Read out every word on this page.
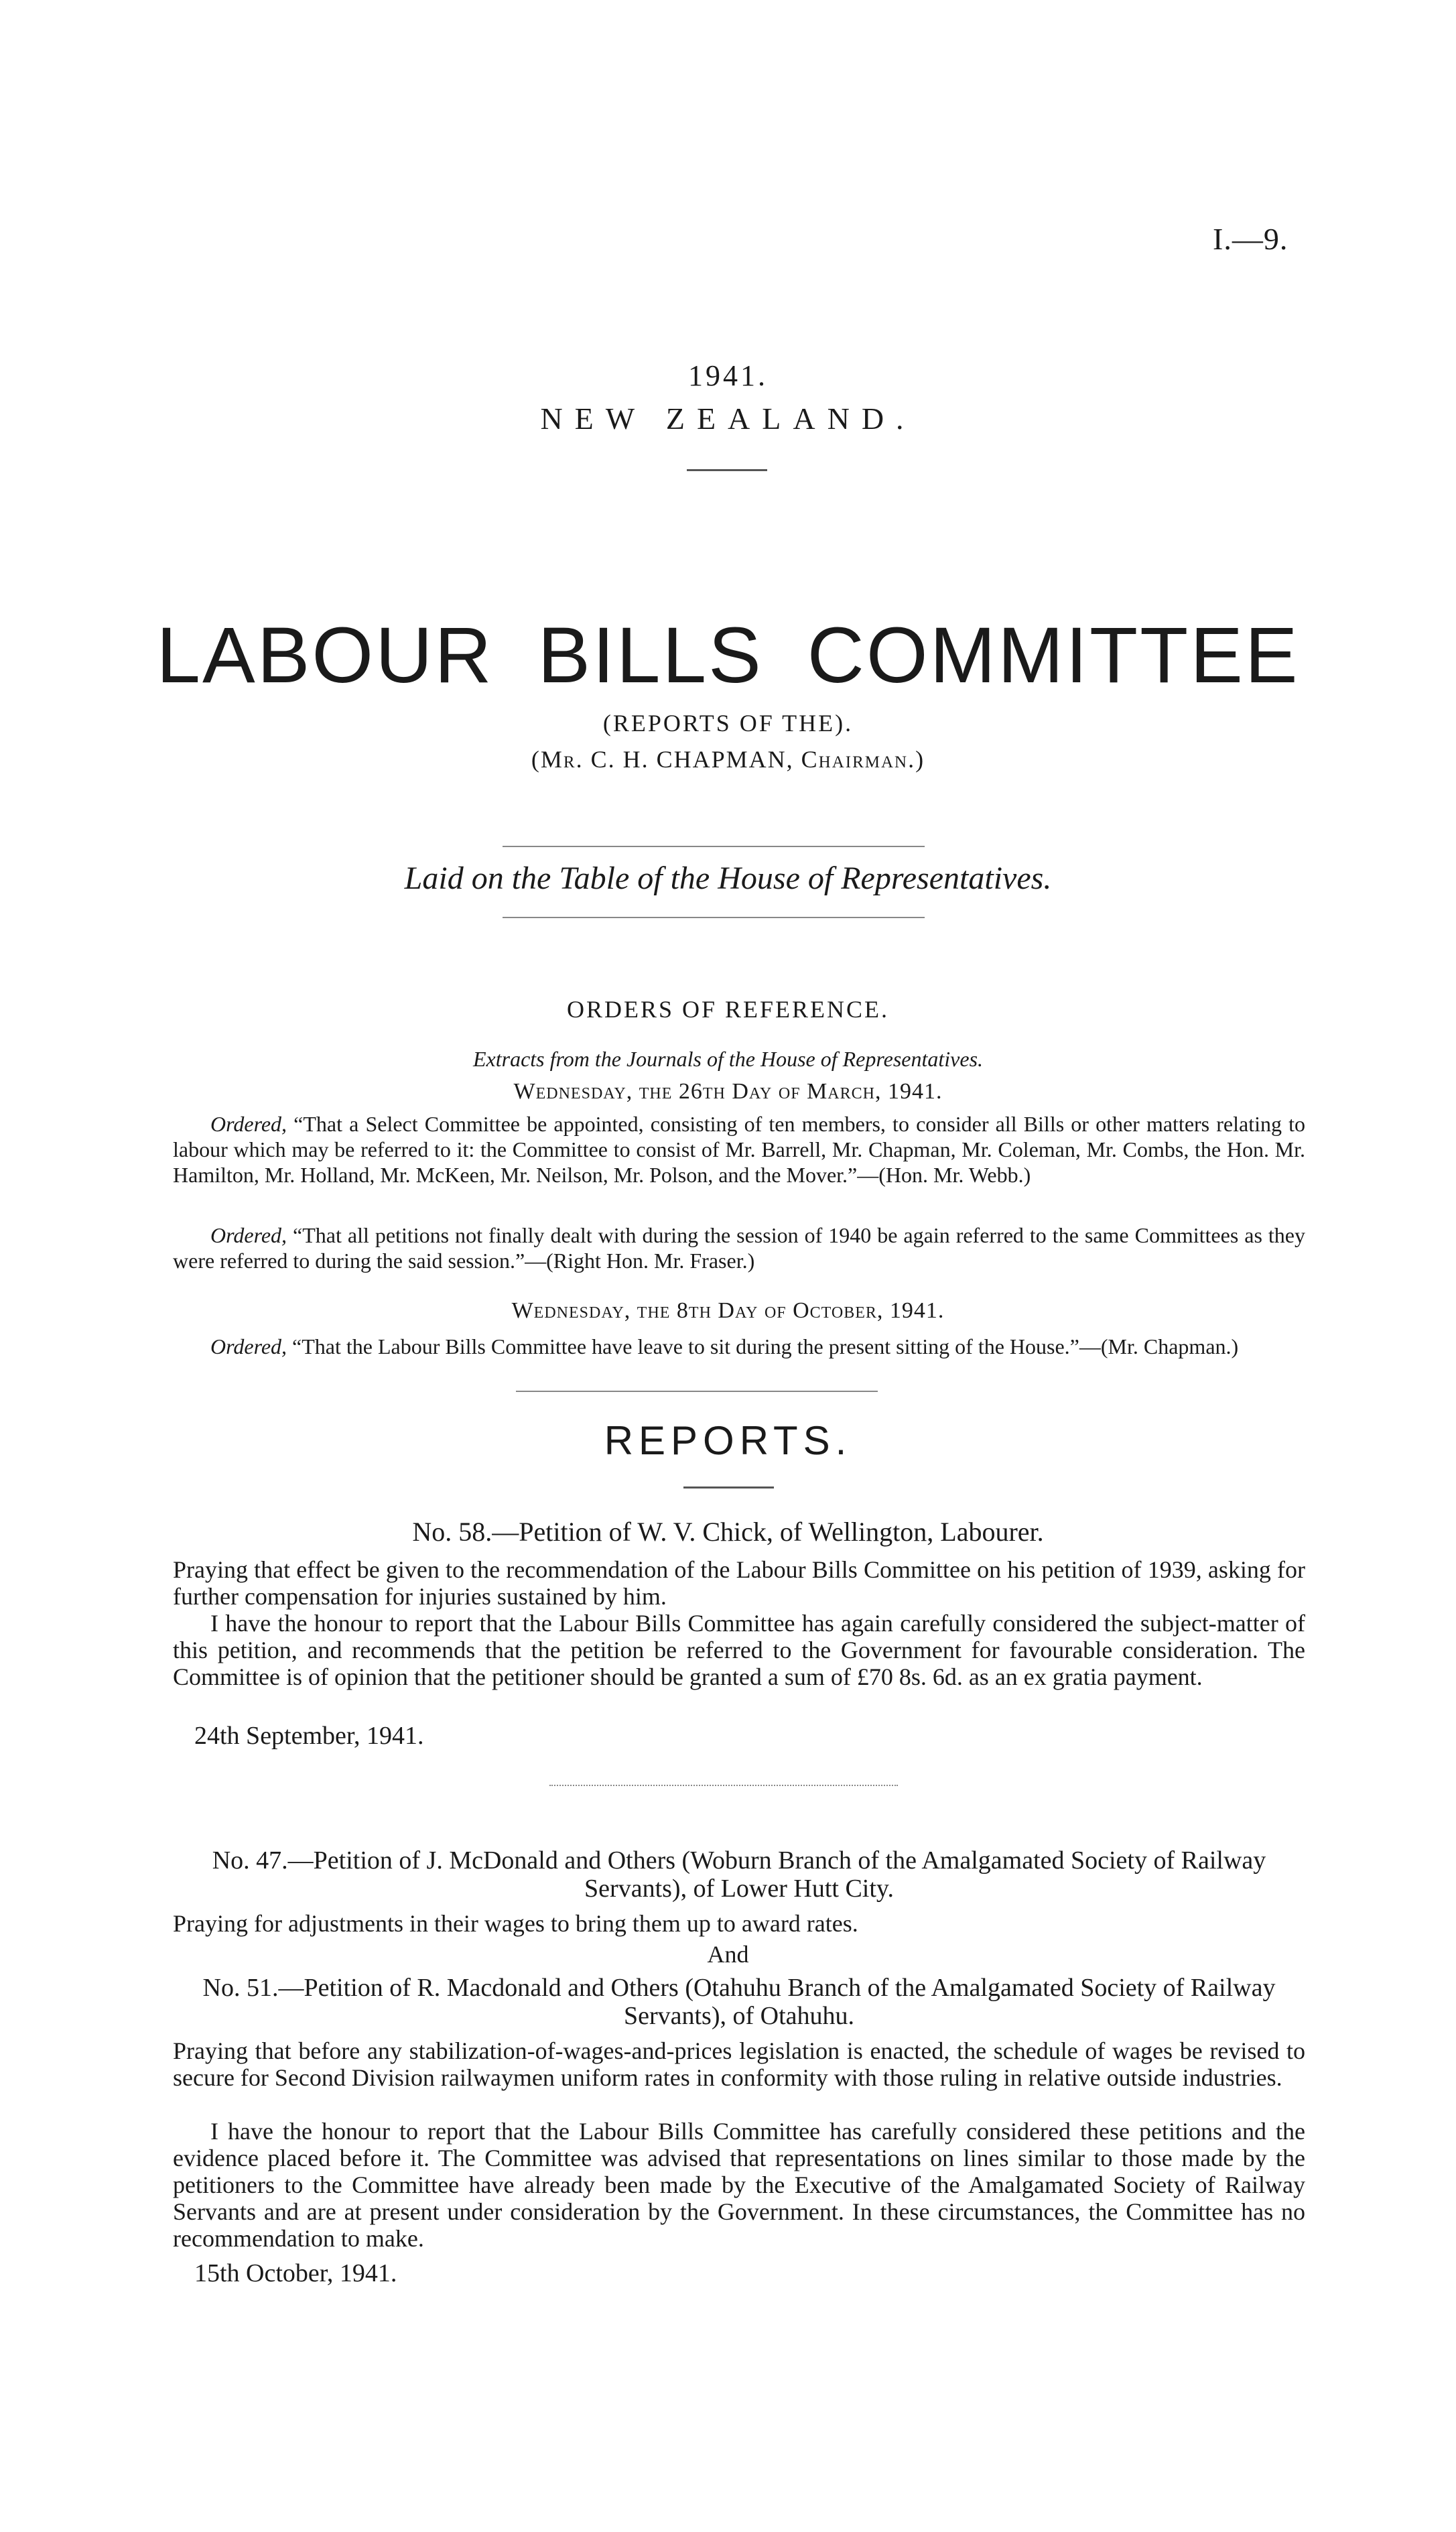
I.—9.
1941.
NEW ZEALAND.
LABOUR BILLS COMMITTEE
(REPORTS OF THE).
(Mr. C. H. CHAPMAN, Chairman.)
Laid on the Table of the House of Representatives.
ORDERS OF REFERENCE.
Extracts from the Journals of the House of Representatives.
Wednesday, the 26th Day of March, 1941.
Ordered, “That a Select Committee be appointed, consisting of ten members, to consider all Bills or other matters relating to labour which may be referred to it: the Committee to consist of Mr. Barrell, Mr. Chapman, Mr. Coleman, Mr. Combs, the Hon. Mr. Hamilton, Mr. Holland, Mr. McKeen, Mr. Neilson, Mr. Polson, and the Mover.”—(Hon. Mr. Webb.)
Ordered, “That all petitions not finally dealt with during the session of 1940 be again referred to the same Committees as they were referred to during the said session.”—(Right Hon. Mr. Fraser.)
Wednesday, the 8th Day of October, 1941.
Ordered, “That the Labour Bills Committee have leave to sit during the present sitting of the House.”—(Mr. Chapman.)
REPORTS.
No. 58.—Petition of W. V. Chick, of Wellington, Labourer.
Praying that effect be given to the recommendation of the Labour Bills Committee on his petition of 1939, asking for further compensation for injuries sustained by him.
I have the honour to report that the Labour Bills Committee has again carefully considered the subject-matter of this petition, and recommends that the petition be referred to the Government for favourable consideration. The Committee is of opinion that the petitioner should be granted a sum of £70 8s. 6d. as an ex gratia payment.
24th September, 1941.
No. 47.—Petition of J. McDonald and Others (Woburn Branch of the Amalgamated Society of Railway Servants), of Lower Hutt City.
Praying for adjustments in their wages to bring them up to award rates.
And
No. 51.—Petition of R. Macdonald and Others (Otahuhu Branch of the Amalgamated Society of Railway Servants), of Otahuhu.
Praying that before any stabilization-of-wages-and-prices legislation is enacted, the schedule of wages be revised to secure for Second Division railwaymen uniform rates in conformity with those ruling in relative outside industries.
I have the honour to report that the Labour Bills Committee has carefully considered these petitions and the evidence placed before it. The Committee was advised that representations on lines similar to those made by the petitioners to the Committee have already been made by the Executive of the Amalgamated Society of Railway Servants and are at present under consideration by the Government. In these circumstances, the Committee has no recommendation to make.
15th October, 1941.
